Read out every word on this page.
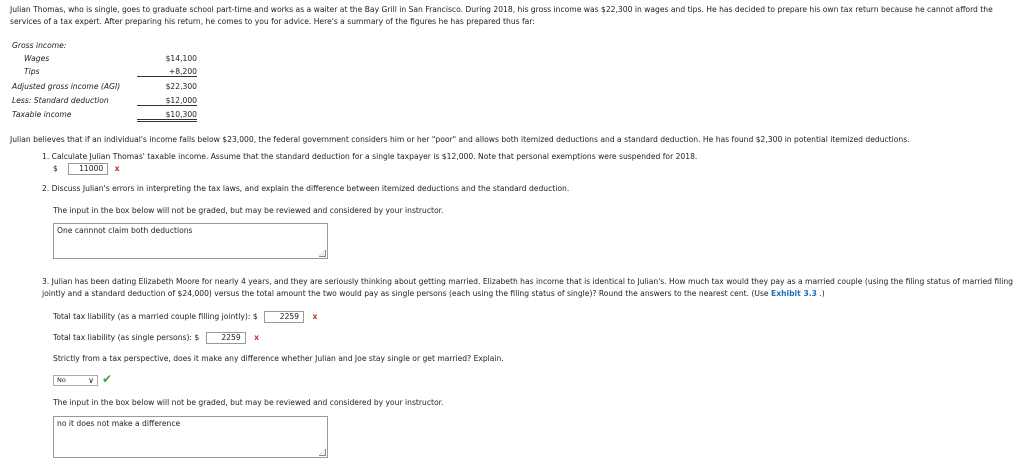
Julian Thomas, who is single, goes to graduate school part-time and works as a waiter at the Bay Grill in San Francisco. During 2018, his gross income was $22,300 in wages and tips. He has decided to prepare his own tax return because he cannot afford the services of a tax expert. After preparing his return, he comes to you for advice. Here's a summary of the figures he has prepared thus far:
Gross income:
Wages	$14,100
Tips	+8,200
Adjusted gross income (AGI)	$22,300
Less: Standard deduction	$12,000
Taxable income	$10,300
Julian believes that if an individual's income falls below $23,000, the federal government considers him or her "poor" and allows both itemized deductions and a standard deduction. He has found $2,300 in potential itemized deductions.
1. Calculate Julian Thomas' taxable income. Assume that the standard deduction for a single taxpayer is $12,000. Note that personal exemptions were suspended for 2018.
$	11000 x
2. Discuss Julian's errors in interpreting the tax laws, and explain the difference between itemized deductions and the standard deduction.
The input in the box below will not be graded, but may be reviewed and considered by your instructor.
One cannnot claim both deductions
3. Julian has been dating Elizabeth Moore for nearly 4 years, and they are seriously thinking about getting married. Elizabeth has income that is identical to Julian's. How much tax would they pay as a married couple (using the filing status of married filing jointly and a standard deduction of $24,000) versus the total amount the two would pay as single persons (each using the filing status of single)? Round the answers to the nearest cent. (Use Exhibit 3.3 .)
Total tax liability (as a married couple filling jointly): $	2259 x
Total tax liability (as single persons): $	2259 x
Strictly from a tax perspective, does it make any difference whether Julian and Joe stay single or get married? Explain.
No	∨ ✔
The input in the box below will not be graded, but may be reviewed and considered by your instructor.
no it does not make a difference
